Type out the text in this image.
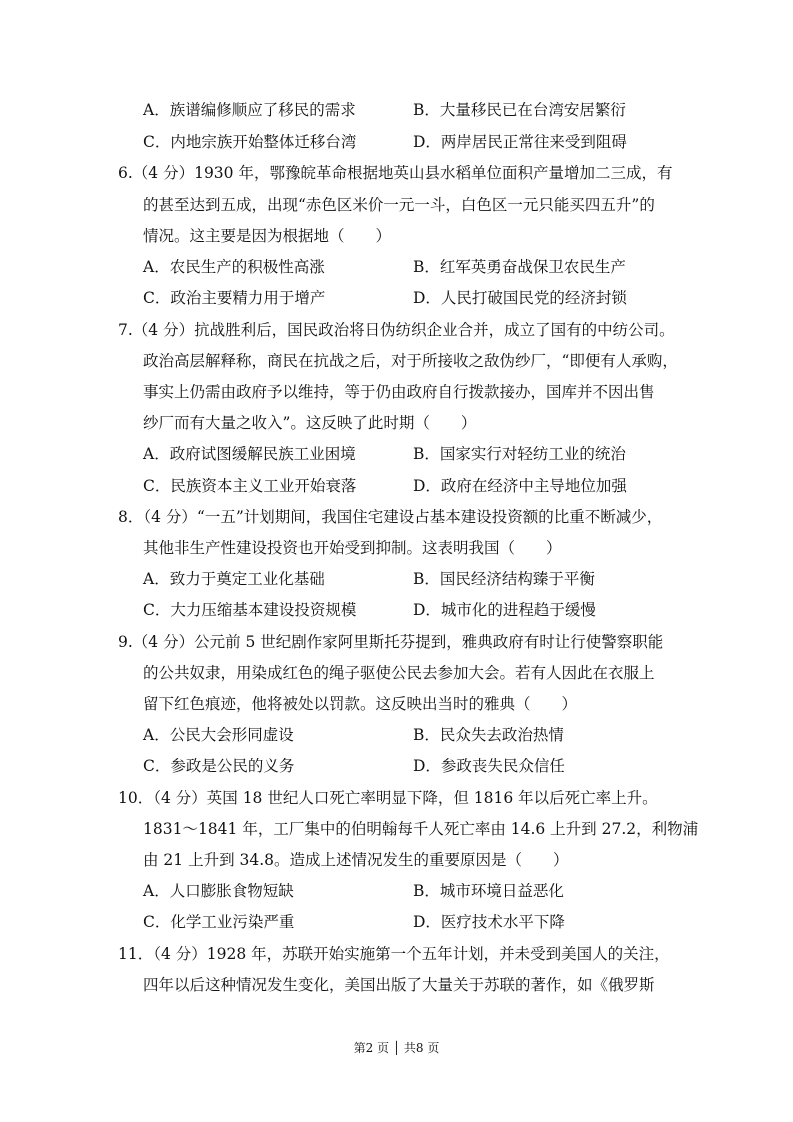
A．族谱编修顺应了移民的需求	B．大量移民已在台湾安居繁衍
C．内地宗族开始整体迁移台湾	D．两岸居民正常往来受到阻碍
6.（4 分）1930 年，鄂豫皖革命根据地英山县水稻单位面积产量增加二三成，有
的甚至达到五成，出现“赤色区米价一元一斗，白色区一元只能买四五升”的
情况。这主要是因为根据地（　　）
A．农民生产的积极性高涨	B．红军英勇奋战保卫农民生产
C．政治主要精力用于增产	D．人民打破国民党的经济封锁
7.（4 分）抗战胜利后，国民政治将日伪纺织企业合并，成立了国有的中纺公司。
政治高层解释称，商民在抗战之后，对于所接收之敌伪纱厂，“即便有人承购，
事实上仍需由政府予以维持，等于仍由政府自行拨款接办，国库并不因出售
纱厂而有大量之收入”。这反映了此时期（　　）
A．政府试图缓解民族工业困境	B．国家实行对轻纺工业的统治
C．民族资本主义工业开始衰落	D．政府在经济中主导地位加强
8．（4 分）“一五”计划期间，我国住宅建设占基本建设投资额的比重不断减少，
其他非生产性建设投资也开始受到抑制。这表明我国（　　）
A．致力于奠定工业化基础	B．国民经济结构臻于平衡
C．大力压缩基本建设投资规模	D．城市化的进程趋于缓慢
9.（4 分）公元前 5 世纪剧作家阿里斯托芬提到，雅典政府有时让行使警察职能
的公共奴隶，用染成红色的绳子驱使公民去参加大会。若有人因此在衣服上
留下红色痕迹，他将被处以罚款。这反映出当时的雅典（　　）
A．公民大会形同虚设	B．民众失去政治热情
C．参政是公民的义务	D．参政丧失民众信任
10．（4 分）英国 18 世纪人口死亡率明显下降，但 1816 年以后死亡率上升。
1831～1841 年，工厂集中的伯明翰每千人死亡率由 14.6 上升到 27.2，利物浦
由 21 上升到 34.8。造成上述情况发生的重要原因是（　　）
A．人口膨胀食物短缺	B．城市环境日益恶化
C．化学工业污染严重	D．医疗技术水平下降
11．（4 分）1928 年，苏联开始实施第一个五年计划，并未受到美国人的关注，
四年以后这种情况发生变化，美国出版了大量关于苏联的著作，如《俄罗斯
第2 页 │ 共8 页
